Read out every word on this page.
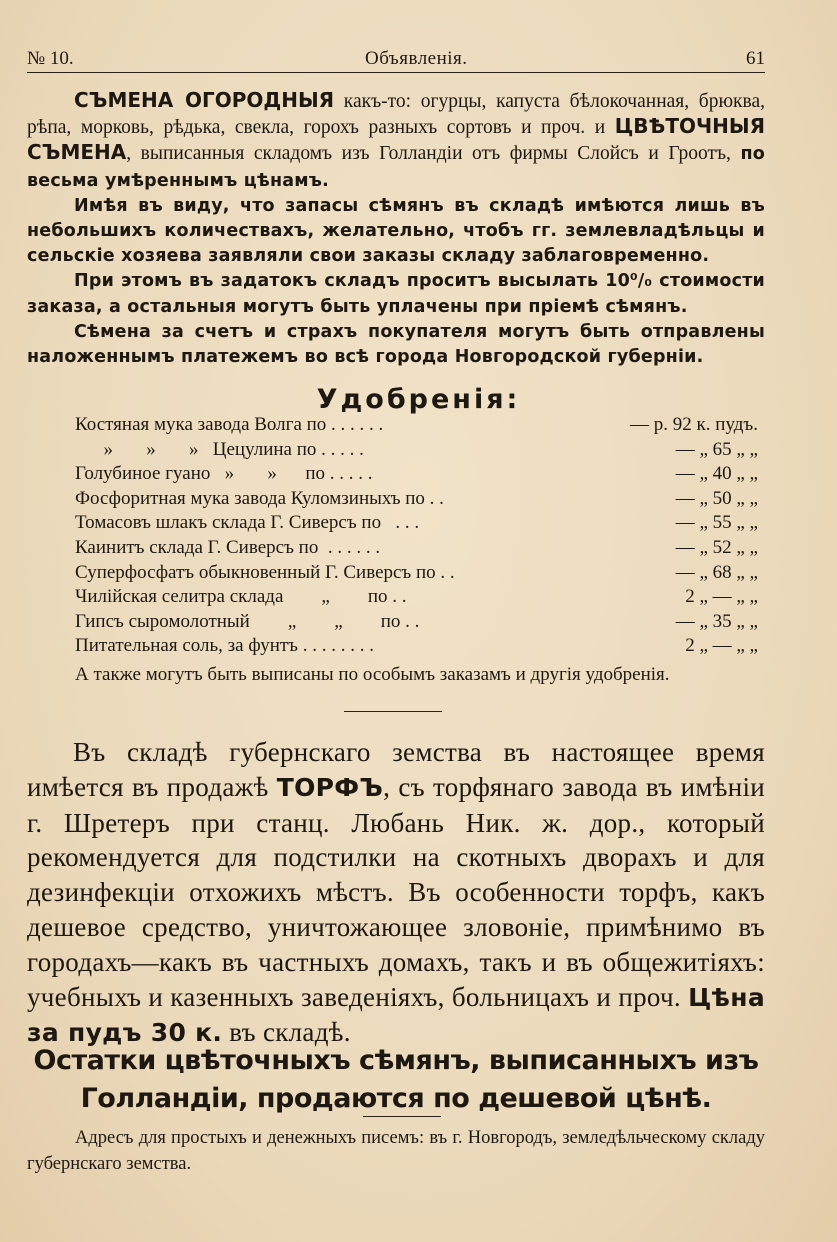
№ 10.	Объявленія.	61

СЪМЕНА ОГОРОДНЫЯ какъ-то: огурцы, капуста бѣлокочанная, брюква, рѣпа, морковь, рѣдька, свекла, горохъ разныхъ сортовъ и проч. и ЦВѢТОЧНЫЯ СЪМЕНА, выписанныя складомъ изъ Голландіи отъ фирмы Слойсъ и Гроотъ, по весьма умѣреннымъ цѣнамъ.

Имѣя въ виду, что запасы сѣмянъ въ складѣ имѣются лишь въ небольшихъ количествахъ, желательно, чтобъ гг. землевладѣльцы и сельскіе хозяева заявляли свои заказы складу заблаговременно.

При этомъ въ задатокъ складъ проситъ высылать 10⁰/₀ стоимости заказа, а остальныя могутъ быть уплачены при пріемѣ сѣмянъ.

Сѣмена за счетъ и страхъ покупателя могутъ быть отправлены наложеннымъ платежемъ во всѣ города Новгородской губерніи.

Удобренія:
Костяная мука завода Волга по . . . . . .	— р. 92 к. пудъ.
»       »       »   Цецулина по . . . . .	— „ 65 „ „
Голубиное гуано   »       »      по . . . . .	— „ 40 „ „
Фосфоритная мука завода Куломзиныхъ по . .	— „ 50 „ „
Томасовъ шлакъ склада Г. Сиверсъ по   . . .	— „ 55 „ „
Каинитъ склада Г. Сиверсъ по  . . . . . .	— „ 52 „ „
Суперфосфатъ обыкновенный Г. Сиверсъ по . .	— „ 68 „ „
Чилійская селитра склада        „        по . .	2 „ — „ „
Гипсъ сыромолотный        „        „        по . .	— „ 35 „ „
Питательная соль, за фунтъ . . . . . . . .	2 „ — „ „
А также могутъ быть выписаны по особымъ заказамъ и другія удобренія.

Въ складѣ губернскаго земства въ настоящее время имѣется въ продажѣ ТОРФЪ, съ торфянаго завода въ имѣніи г. Шретеръ при станц. Любань Ник. ж. дор., который рекомендуется для подстилки на скотныхъ дворахъ и для дезинфекціи отхожихъ мѣстъ. Въ особенности торфъ, какъ дешевое средство, уничтожающее зловоніе, примѣнимо въ городахъ—какъ въ частныхъ домахъ, такъ и въ общежитіяхъ: учебныхъ и казенныхъ заведеніяхъ, больницахъ и проч. Цѣна за пудъ 30 к. въ складѣ.

Остатки цвѣточныхъ сѣмянъ, выписанныхъ изъ Голландіи, продаются по дешевой цѣнѣ.
Адресъ для простыхъ и денежныхъ писемъ: въ г. Новгородъ, земледѣльческому складу губернскаго земства.
